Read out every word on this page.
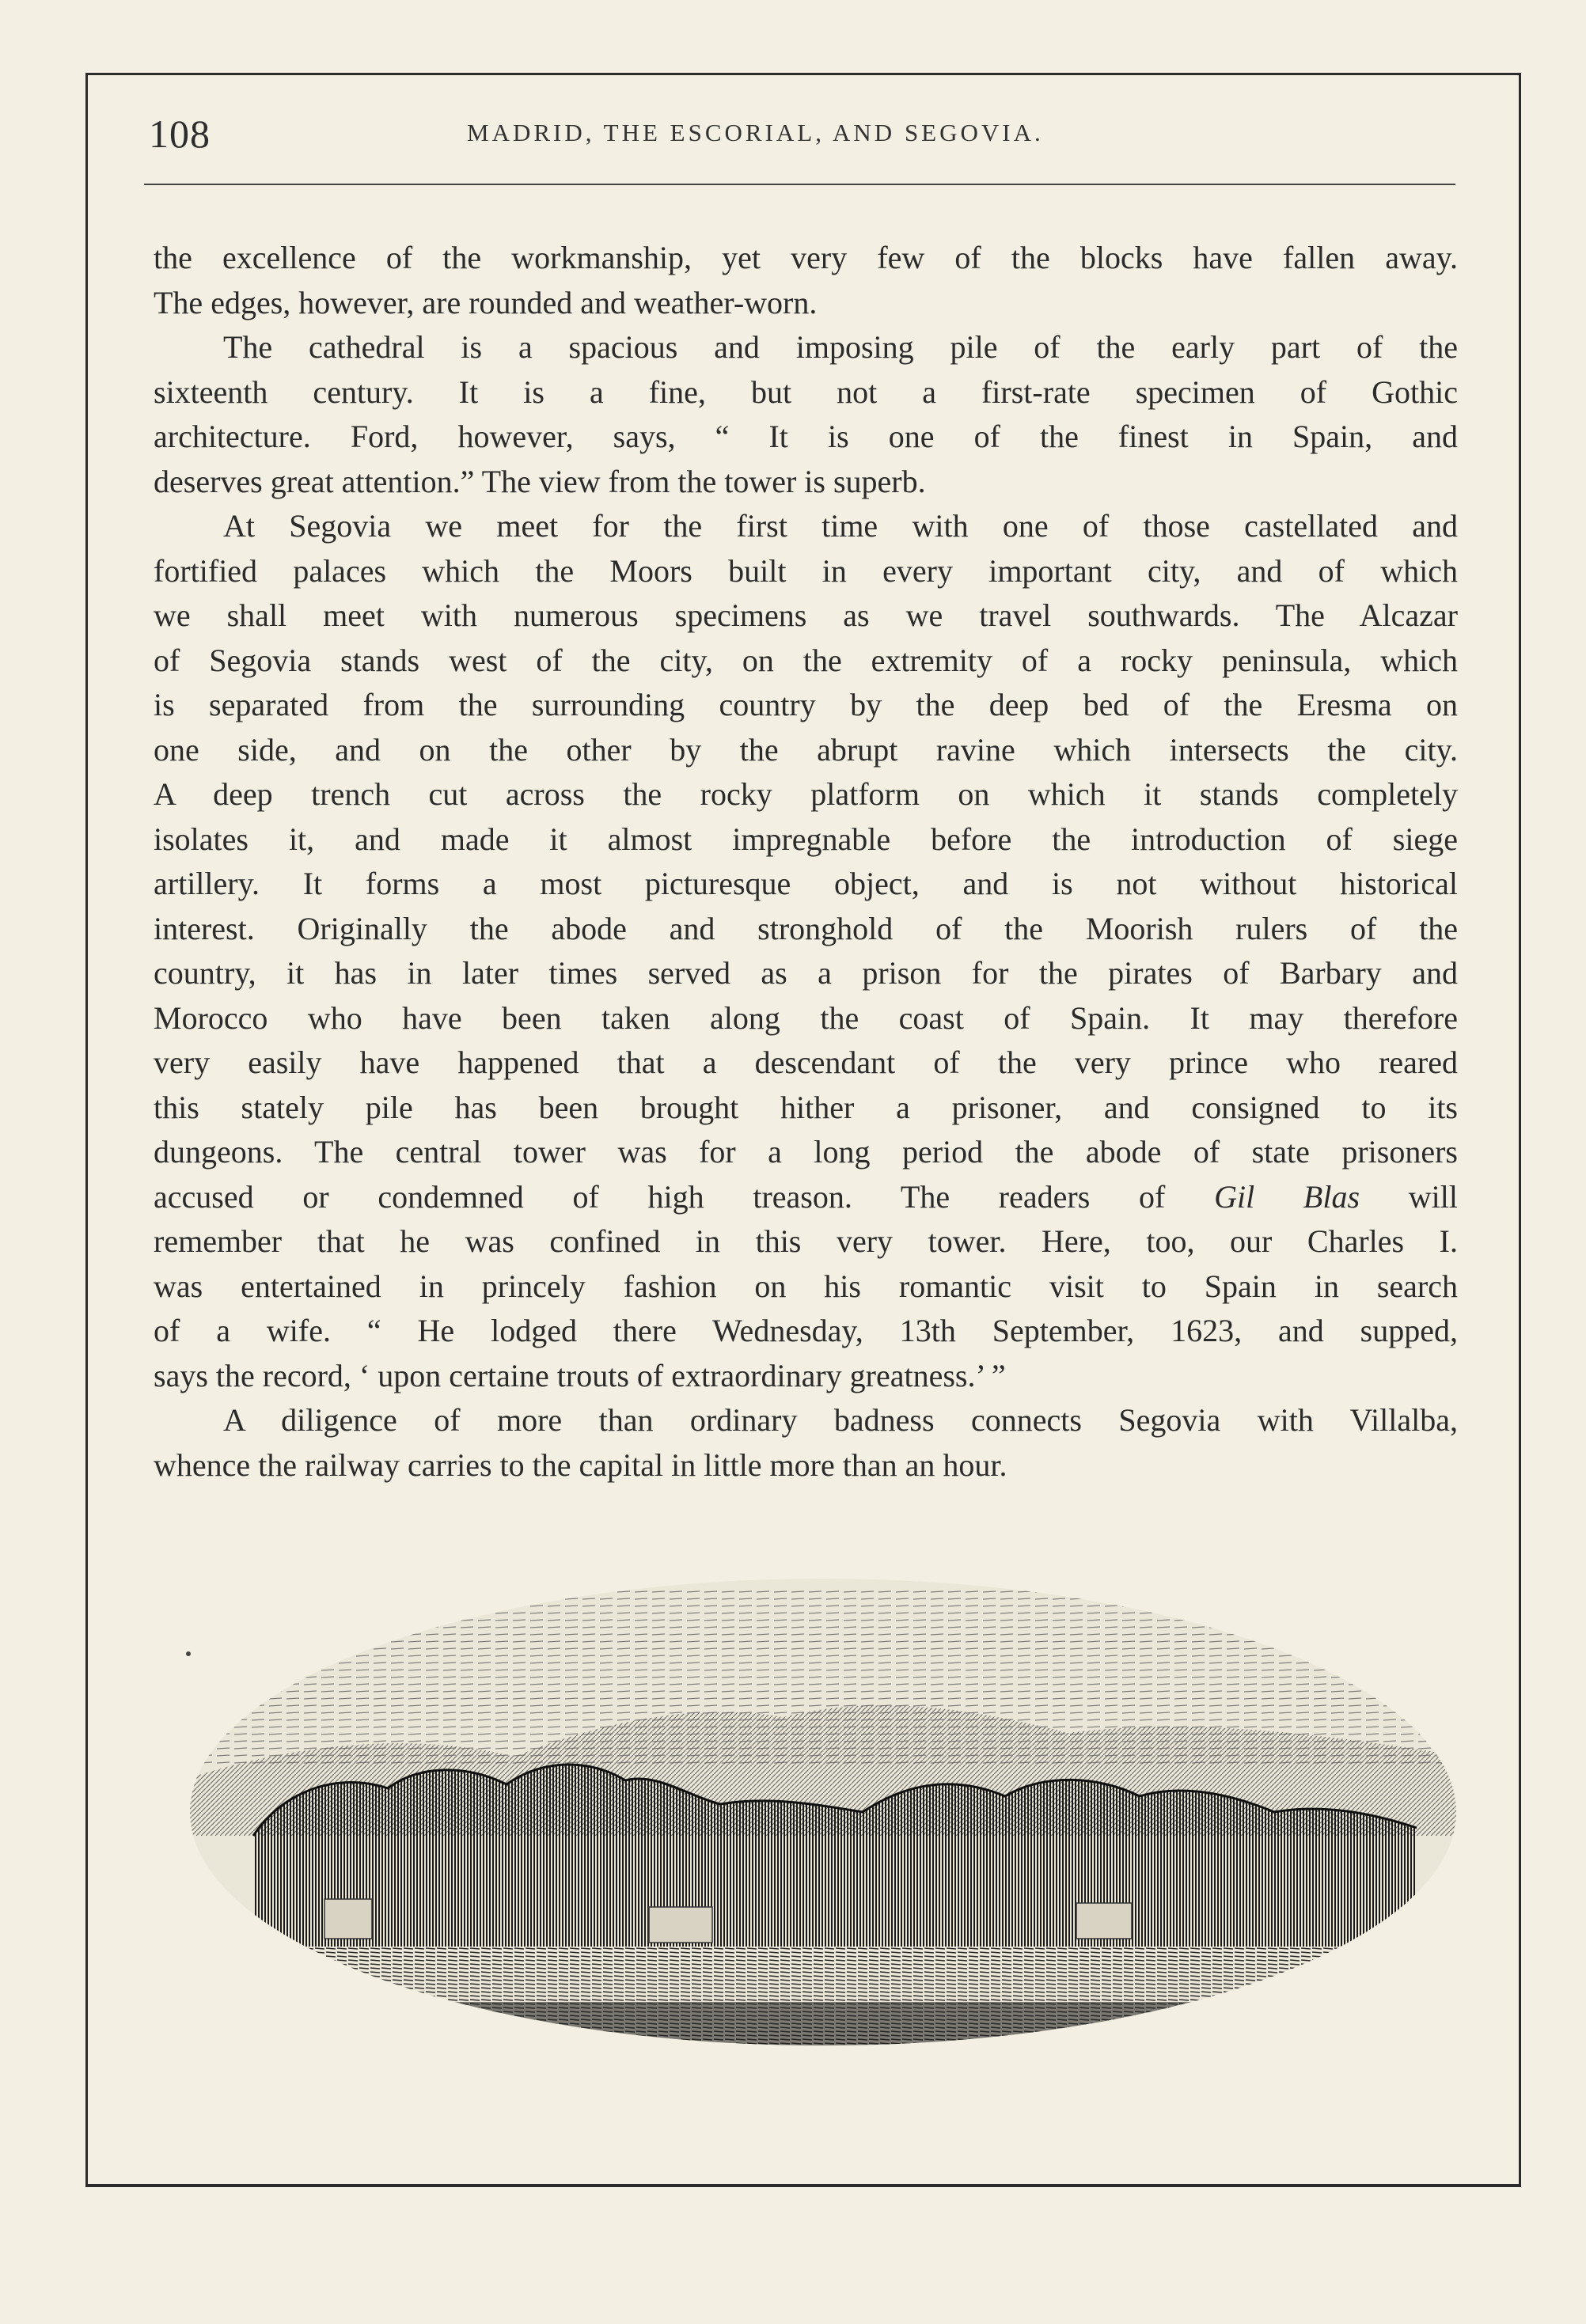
108	MADRID, THE ESCORIAL, AND SEGOVIA.
the excellence of the workmanship, yet very few of the blocks have fallen away.
The edges, however, are rounded and weather-worn.
The cathedral is a spacious and imposing pile of the early part of the
sixteenth century. It is a fine, but not a first-rate specimen of Gothic
architecture. Ford, however, says, “ It is one of the finest in Spain, and
deserves great attention.” The view from the tower is superb.
At Segovia we meet for the first time with one of those castellated and
fortified palaces which the Moors built in every important city, and of which
we shall meet with numerous specimens as we travel southwards. The Alcazar
of Segovia stands west of the city, on the extremity of a rocky peninsula, which
is separated from the surrounding country by the deep bed of the Eresma on
one side, and on the other by the abrupt ravine which intersects the city.
A deep trench cut across the rocky platform on which it stands completely
isolates it, and made it almost impregnable before the introduction of siege
artillery. It forms a most picturesque object, and is not without historical
interest. Originally the abode and stronghold of the Moorish rulers of the
country, it has in later times served as a prison for the pirates of Barbary and
Morocco who have been taken along the coast of Spain. It may therefore
very easily have happened that a descendant of the very prince who reared
this stately pile has been brought hither a prisoner, and consigned to its
dungeons. The central tower was for a long period the abode of state prisoners
accused or condemned of high treason. The readers of Gil Blas will
remember that he was confined in this very tower. Here, too, our Charles I.
was entertained in princely fashion on his romantic visit to Spain in search
of a wife. “ He lodged there Wednesday, 13th September, 1623, and supped,
says the record, ‘ upon certaine trouts of extraordinary greatness.’ ”
A diligence of more than ordinary badness connects Segovia with Villalba,
whence the railway carries to the capital in little more than an hour.
